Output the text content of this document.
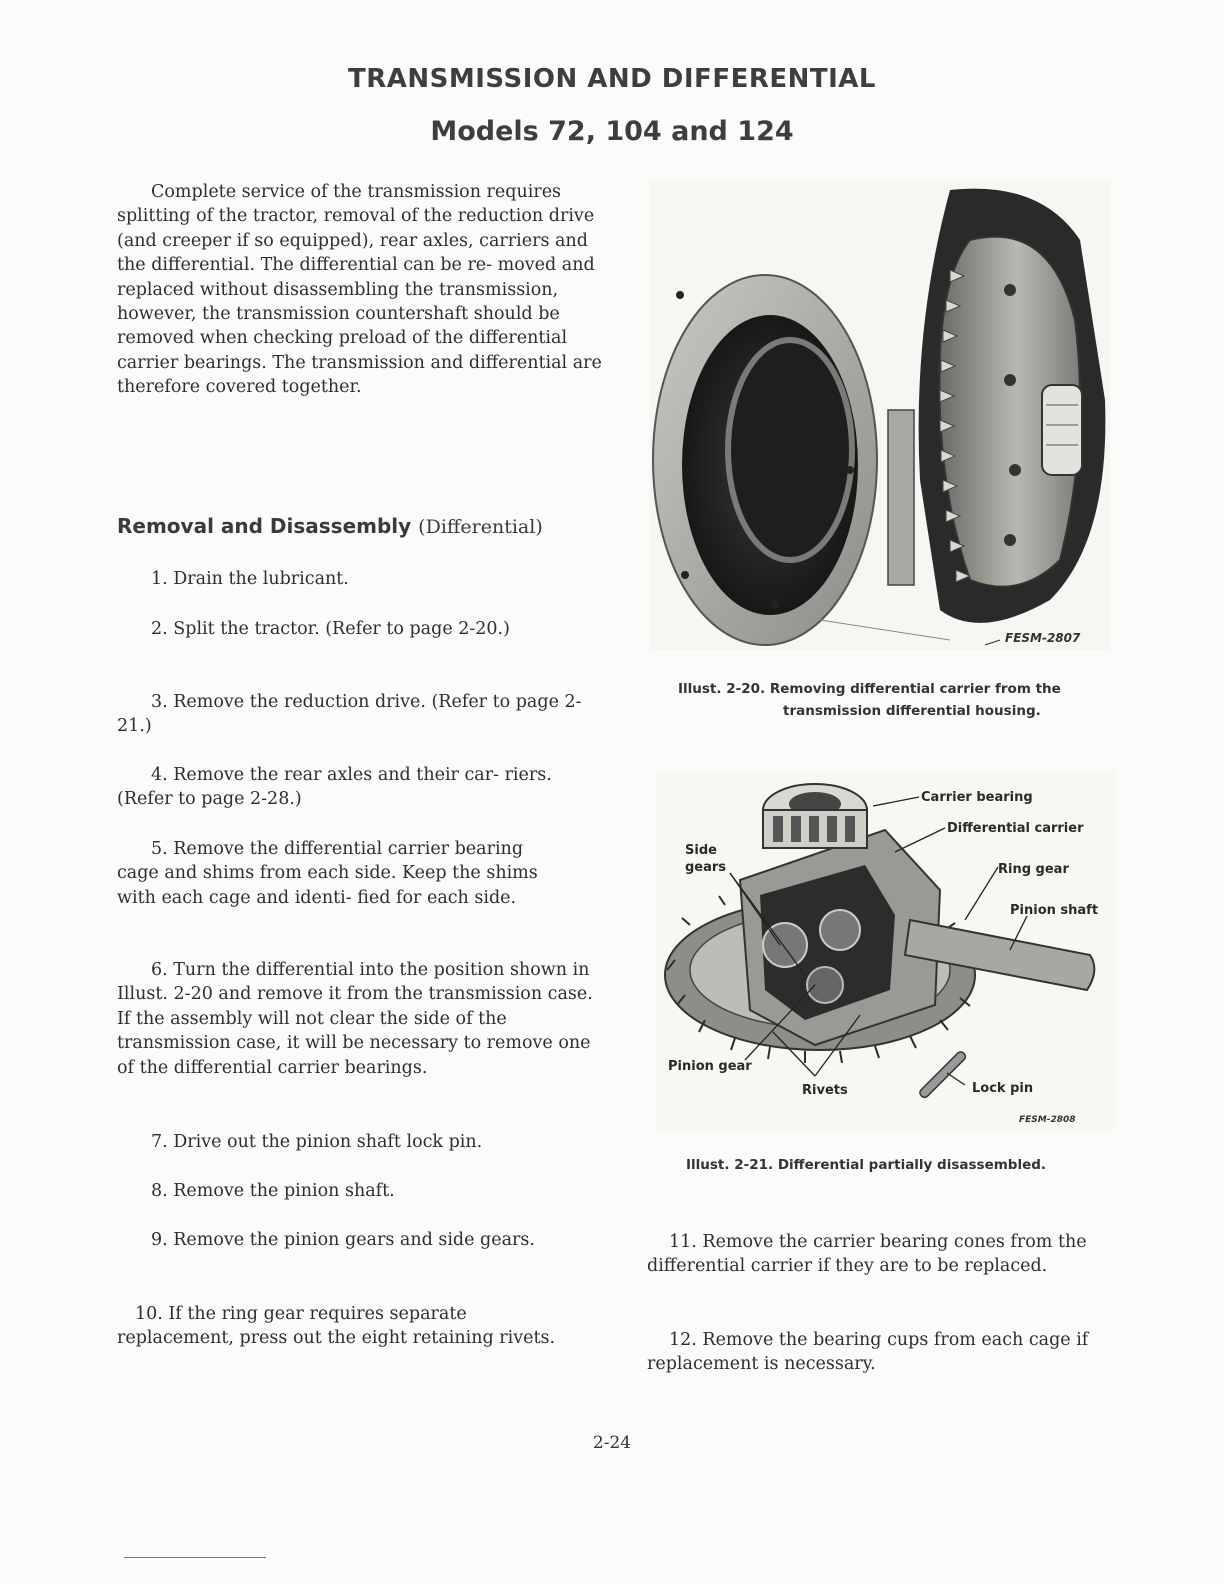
TRANSMISSION AND DIFFERENTIAL
Models 72, 104 and 124

Complete service of the transmission requires splitting of the tractor, removal of the reduction drive (and creeper if so equipped), rear axles, carriers and the differential. The differential can be re- moved and replaced without disassembling the transmission, however, the transmission countershaft should be removed when checking preload of the differential carrier bearings. The transmission and differential are therefore covered together.

Removal and Disassembly (Differential)

1. Drain the lubricant.

2. Split the tractor. (Refer to page 2-20.)

3. Remove the reduction drive. (Refer to page 2-21.)

4. Remove the rear axles and their car- riers. (Refer to page 2-28.)

5. Remove the differential carrier bearing cage and shims from each side. Keep the shims with each cage and identi- fied for each side.

6. Turn the differential into the position shown in Illust. 2-20 and remove it from the transmission case. If the assembly will not clear the side of the transmission case, it will be necessary to remove one of the differential carrier bearings.

7. Drive out the pinion shaft lock pin.

8. Remove the pinion shaft.

9. Remove the pinion gears and side gears.

10. If the ring gear requires separate replacement, press out the eight retaining rivets.

11. Remove the carrier bearing cones from the differential carrier if they are to be replaced.

12. Remove the bearing cups from each cage if replacement is necessary.

FESM-2807
Illust. 2-20. Removing differential carrier from the
transmission differential housing.
Carrier bearing
Differential carrier
Side
gears	Ring gear
Pinion shaft
Pinion gear
Rivets	Lock pin
FESM-2808
Illust. 2-21. Differential partially disassembled.
2-24
